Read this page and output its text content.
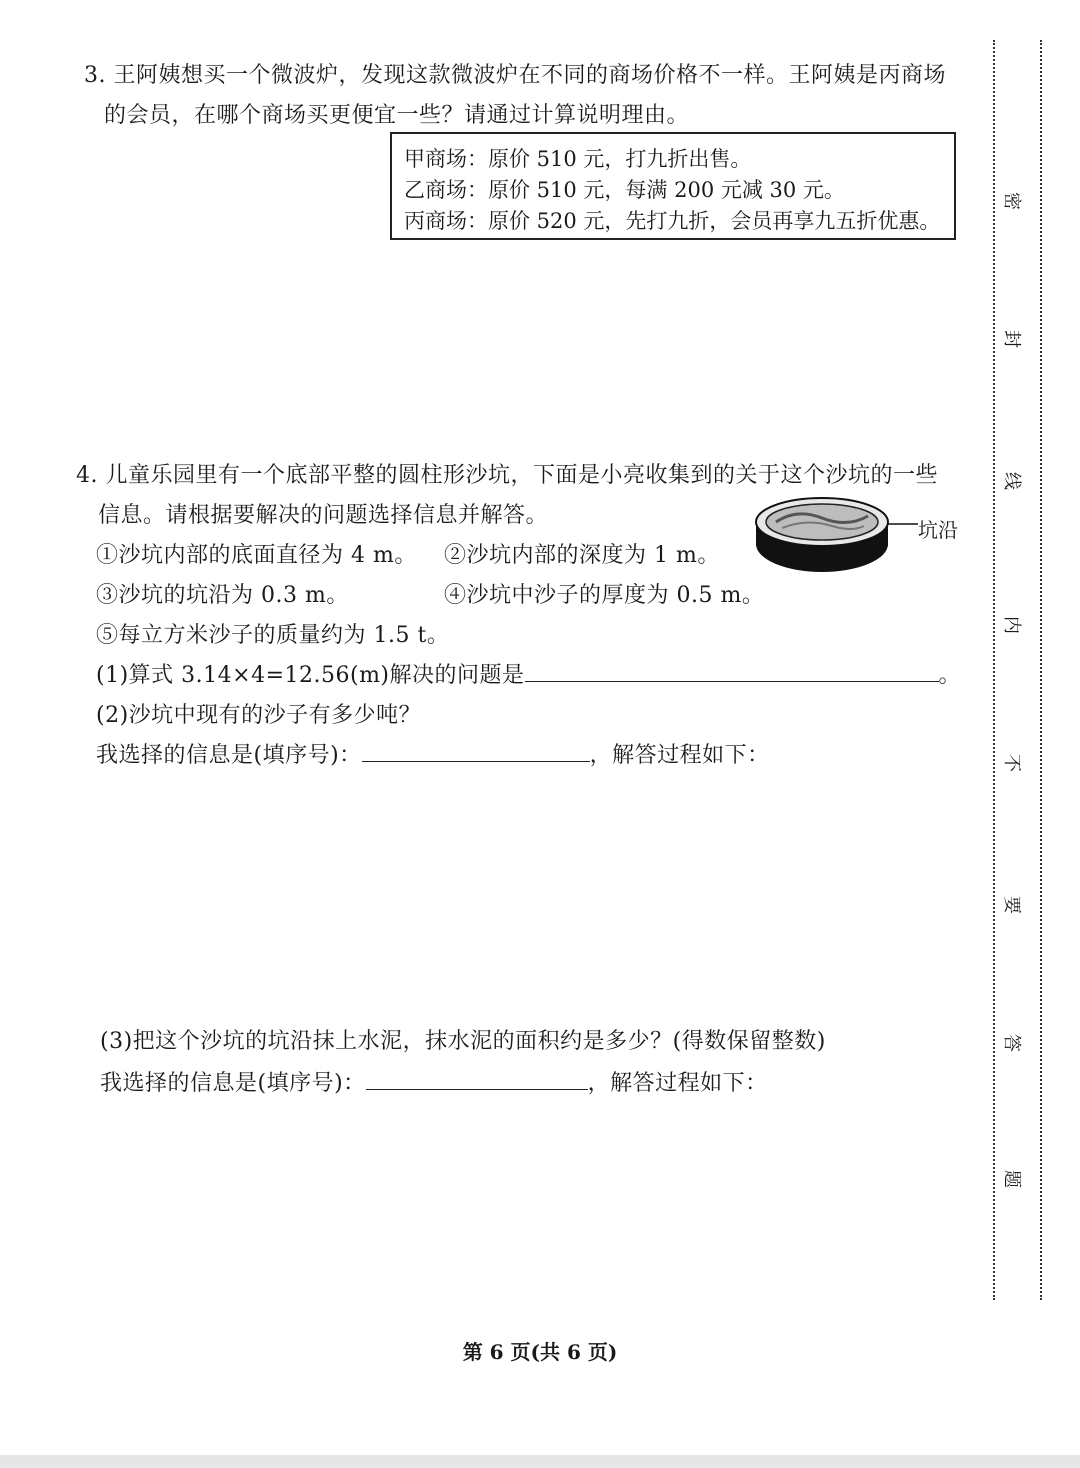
3. 王阿姨想买一个微波炉，发现这款微波炉在不同的商场价格不一样。王阿姨是丙商场
的会员，在哪个商场买更便宜一些？请通过计算说明理由。
甲商场：原价 510 元，打九折出售。
乙商场：原价 510 元，每满 200 元减 30 元。
丙商场：原价 520 元，先打九折，会员再享九五折优惠。
4. 儿童乐园里有一个底部平整的圆柱形沙坑，下面是小亮收集到的关于这个沙坑的一些
信息。请根据要解决的问题选择信息并解答。
①沙坑内部的底面直径为 4 m。 ②沙坑内部的深度为 1 m。
③沙坑的坑沿为 0.3 m。	④沙坑中沙子的厚度为 0.5 m。
⑤每立方米沙子的质量约为 1.5 t。
坑沿
(1)算式 3.14×4=12.56(m)解决的问题是	。
(2)沙坑中现有的沙子有多少吨？
我选择的信息是(填序号)：	，解答过程如下：
(3)把这个沙坑的坑沿抹上水泥，抹水泥的面积约是多少？(得数保留整数)
我选择的信息是(填序号)：	，解答过程如下：
密
封
线
内
不
要
答
题
第 6 页(共 6 页)
